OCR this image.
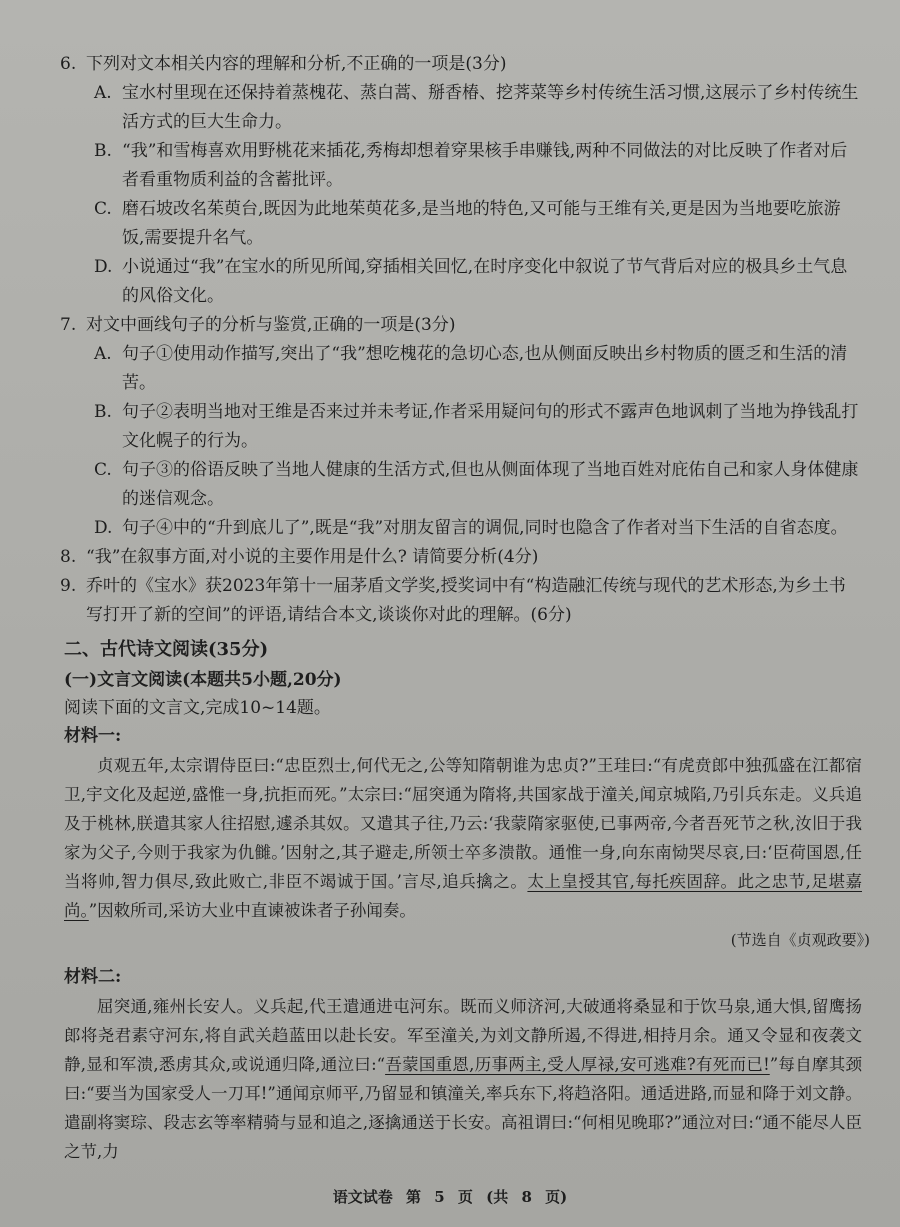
6. 下列对文本相关内容的理解和分析,不正确的一项是(3分)
A. 宝水村里现在还保持着蒸槐花、蒸白蒿、掰香椿、挖荠菜等乡村传统生活习惯,这展示了乡村传统生活方式的巨大生命力。
B. “我”和雪梅喜欢用野桃花来插花,秀梅却想着穿果核手串赚钱,两种不同做法的对比反映了作者对后者看重物质利益的含蓄批评。
C. 磨石坡改名茱萸台,既因为此地茱萸花多,是当地的特色,又可能与王维有关,更是因为当地要吃旅游饭,需要提升名气。
D. 小说通过“我”在宝水的所见所闻,穿插相关回忆,在时序变化中叙说了节气背后对应的极具乡土气息的风俗文化。
7. 对文中画线句子的分析与鉴赏,正确的一项是(3分)
A. 句子①使用动作描写,突出了“我”想吃槐花的急切心态,也从侧面反映出乡村物质的匮乏和生活的清苦。
B. 句子②表明当地对王维是否来过并未考证,作者采用疑问句的形式不露声色地讽刺了当地为挣钱乱打文化幌子的行为。
C. 句子③的俗语反映了当地人健康的生活方式,但也从侧面体现了当地百姓对庇佑自己和家人身体健康的迷信观念。
D. 句子④中的“升到底儿了”,既是“我”对朋友留言的调侃,同时也隐含了作者对当下生活的自省态度。
8. “我”在叙事方面,对小说的主要作用是什么? 请简要分析(4分)
9. 乔叶的《宝水》获2023年第十一届茅盾文学奖,授奖词中有“构造融汇传统与现代的艺术形态,为乡土书写打开了新的空间”的评语,请结合本文,谈谈你对此的理解。(6分)
二、古代诗文阅读(35分)
(一)文言文阅读(本题共5小题,20分)
阅读下面的文言文,完成10~14题。
材料一:
贞观五年,太宗谓侍臣曰:“忠臣烈士,何代无之,公等知隋朝谁为忠贞?”王珪曰:“有虎贲郎中独孤盛在江都宿卫,宇文化及起逆,盛惟一身,抗拒而死。”太宗曰:“屈突通为隋将,共国家战于潼关,闻京城陷,乃引兵东走。义兵追及于桃林,朕遣其家人往招慰,遽杀其奴。又遣其子往,乃云:‘我蒙隋家驱使,已事两帝,今者吾死节之秋,汝旧于我家为父子,今则于我家为仇雠。’因射之,其子避走,所领士卒多溃散。通惟一身,向东南恸哭尽哀,曰:‘臣荷国恩,任当将帅,智力俱尽,致此败亡,非臣不竭诚于国。’言尽,追兵擒之。太上皇授其官,每托疾固辞。此之忠节,足堪嘉尚。”因敕所司,采访大业中直谏被诛者子孙闻奏。
(节选自《贞观政要》)
材料二:
屈突通,雍州长安人。义兵起,代王遣通进屯河东。既而义师济河,大破通将桑显和于饮马泉,通大惧,留鹰扬郎将尧君素守河东,将自武关趋蓝田以赴长安。军至潼关,为刘文静所遏,不得进,相持月余。通又令显和夜袭文静,显和军溃,悉虏其众,或说通归降,通泣曰:“吾蒙国重恩,历事两主,受人厚禄,安可逃难?有死而已!”每自摩其颈曰:“要当为国家受人一刀耳!”通闻京师平,乃留显和镇潼关,率兵东下,将趋洛阳。通适进路,而显和降于刘文静。遣副将窦琮、段志玄等率精骑与显和追之,逐擒通送于长安。高祖谓曰:“何相见晚耶?”通泣对曰:“通不能尽人臣之节,力
语文试卷 第 5 页 (共 8 页)
